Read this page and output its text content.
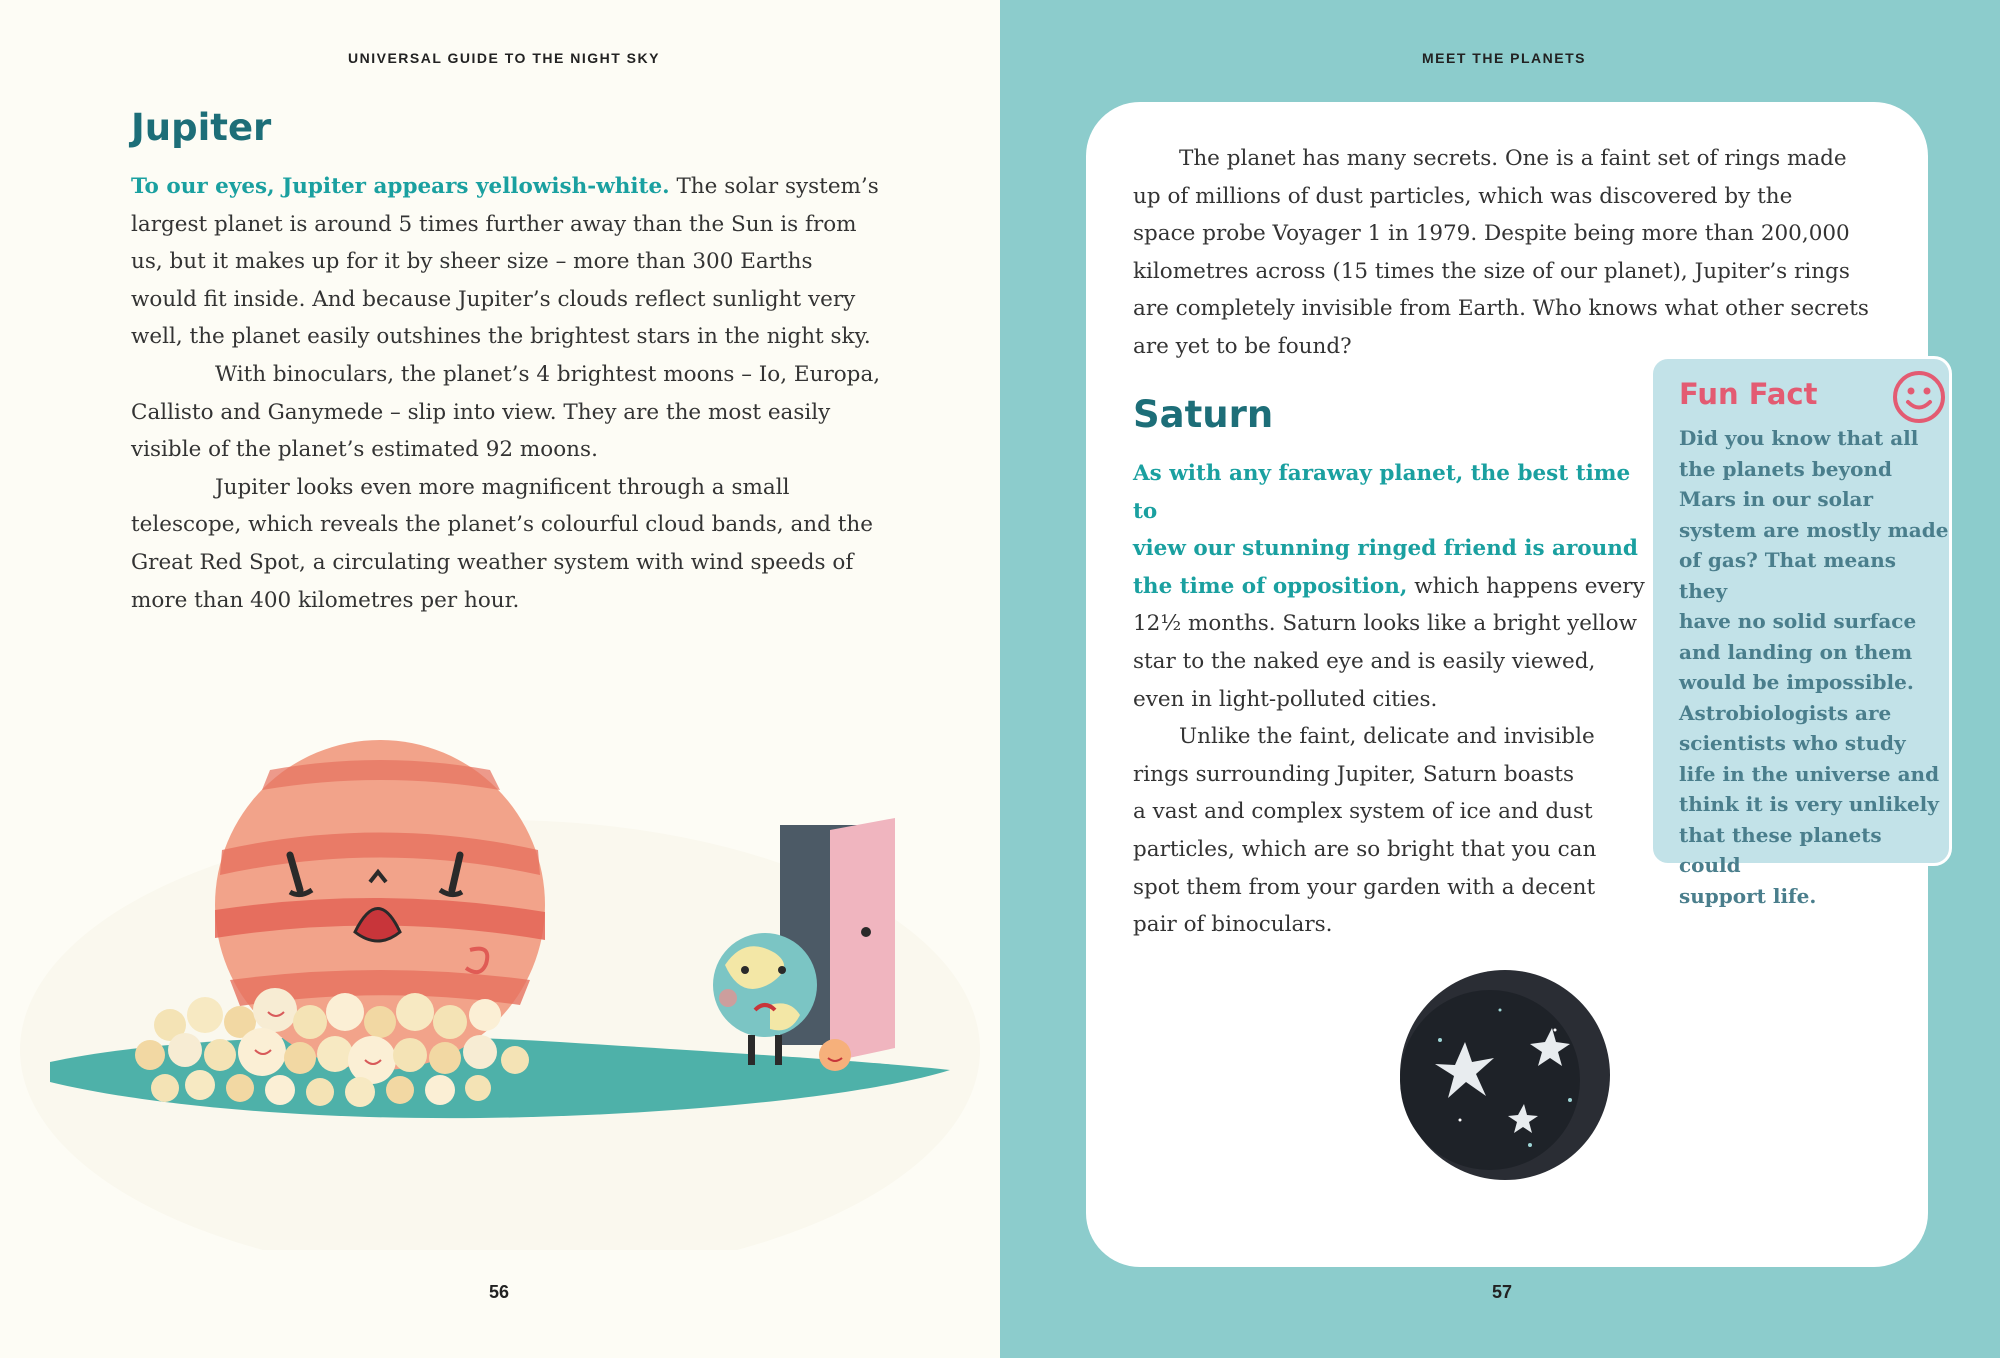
UNIVERSAL GUIDE TO THE NIGHT SKY
Jupiter

To our eyes, Jupiter appears yellowish-white. The solar system’s

largest planet is around 5 times further away than the Sun is from

us, but it makes up for it by sheer size – more than 300 Earths

would fit inside. And because Jupiter’s clouds reflect sunlight very

well, the planet easily outshines the brightest stars in the night sky.

With binoculars, the planet’s 4 brightest moons – Io, Europa,

Callisto and Ganymede – slip into view. They are the most easily

visible of the planet’s estimated 92 moons.

Jupiter looks even more magnificent through a small

telescope, which reveals the planet’s colourful cloud bands, and the

Great Red Spot, a circulating weather system with wind speeds of

more than 400 kilometres per hour.

56
MEET THE PLANETS
57

The planet has many secrets. One is a faint set of rings made

up of millions of dust particles, which was discovered by the

space probe Voyager 1 in 1979. Despite being more than 200,000

kilometres across (15 times the size of our planet), Jupiter’s rings

are completely invisible from Earth. Who knows what other secrets

are yet to be found?

Saturn

As with any faraway planet, the best time to

view our stunning ringed friend is around

the time of opposition, which happens every

12½ months. Saturn looks like a bright yellow

star to the naked eye and is easily viewed,

even in light-polluted cities.

Unlike the faint, delicate and invisible

rings surrounding Jupiter, Saturn boasts

a vast and complex system of ice and dust

particles, which are so bright that you can

spot them from your garden with a decent

pair of binoculars.

Fun Fact

Did you know that all

the planets beyond

Mars in our solar

system are mostly made

of gas? That means they

have no solid surface

and landing on them

would be impossible.

Astrobiologists are

scientists who study

life in the universe and

think it is very unlikely

that these planets could

support life.
